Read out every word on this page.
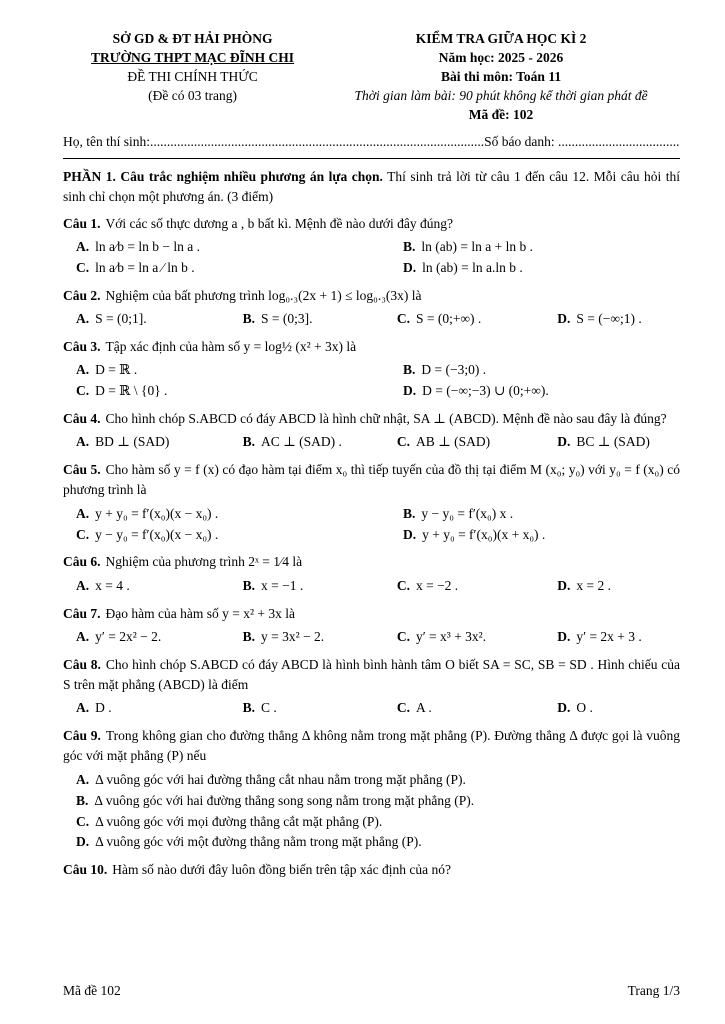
SỞ GD & ĐT HẢI PHÒNG
TRƯỜNG THPT MẠC ĐĨNH CHI
ĐỀ THI CHÍNH THỨC
(Đề có 03 trang)
KIỂM TRA GIỮA HỌC KÌ 2
Năm học: 2025 - 2026
Bài thi môn: Toán 11
Thời gian làm bài: 90 phút không kể thời gian phát đề
Mã đề: 102
Họ, tên thí sinh:...................................................................................................Số báo danh: ....................................

PHẦN 1. Câu trắc nghiệm nhiều phương án lựa chọn. Thí sinh trả lời từ câu 1 đến câu 12. Mỗi câu hỏi thí sinh chỉ chọn một phương án. (3 điểm)

Câu 1. Với các số thực dương a , b bất kì. Mệnh đề nào dưới đây đúng?

A. ln a⁄b = ln b − ln a .	B. ln (ab) = ln a + ln b .
C. ln a⁄b = ln a ⁄ ln b .	D. ln (ab) = ln a.ln b .

Câu 2. Nghiệm của bất phương trình log₀.₃(2x + 1) ≤ log₀.₃(3x) là

A. S = (0;1].	B. S = (0;3].	C. S = (0;+∞) .	D. S = (−∞;1) .

Câu 3. Tập xác định của hàm số y = log½ (x² + 3x) là

A. D = ℝ .	B. D = (−3;0) .
C. D = ℝ \ {0} .	D. D = (−∞;−3) ∪ (0;+∞).

Câu 4. Cho hình chóp S.ABCD có đáy ABCD là hình chữ nhật, SA ⊥ (ABCD). Mệnh đề nào sau đây là đúng?

A. BD ⊥ (SAD)	B. AC ⊥ (SAD) .	C. AB ⊥ (SAD)	D. BC ⊥ (SAD)

Câu 5. Cho hàm số y = f (x) có đạo hàm tại điểm x₀ thì tiếp tuyến của đồ thị tại điểm M (x₀; y₀) với y₀ = f (x₀) có phương trình là

A. y + y₀ = f′(x₀)(x − x₀) .	B. y − y₀ = f′(x₀) x .
C. y − y₀ = f′(x₀)(x − x₀) .	D. y + y₀ = f′(x₀)(x + x₀) .

Câu 6. Nghiệm của phương trình 2ˣ = 1⁄4 là

A. x = 4 .	B. x = −1 .	C. x = −2 .	D. x = 2 .

Câu 7. Đạo hàm của hàm số y = x² + 3x là

A. y′ = 2x² − 2.	B. y = 3x² − 2.	C. y′ = x³ + 3x².	D. y′ = 2x + 3 .

Câu 8. Cho hình chóp S.ABCD có đáy ABCD là hình bình hành tâm O biết SA = SC, SB = SD . Hình chiếu của S trên mặt phẳng (ABCD) là điểm

A. D .	B. C .	C. A .	D. O .

Câu 9. Trong không gian cho đường thẳng Δ không nằm trong mặt phẳng (P). Đường thẳng Δ được gọi là vuông góc với mặt phẳng (P) nếu

A. Δ vuông góc với hai đường thẳng cắt nhau nằm trong mặt phẳng (P).
B. Δ vuông góc với hai đường thẳng song song nằm trong mặt phẳng (P).
C. Δ vuông góc với mọi đường thẳng cắt mặt phẳng (P).
D. Δ vuông góc với một đường thẳng nằm trong mặt phẳng (P).

Câu 10. Hàm số nào dưới đây luôn đồng biến trên tập xác định của nó?

Mã đề 102	Trang 1/3
